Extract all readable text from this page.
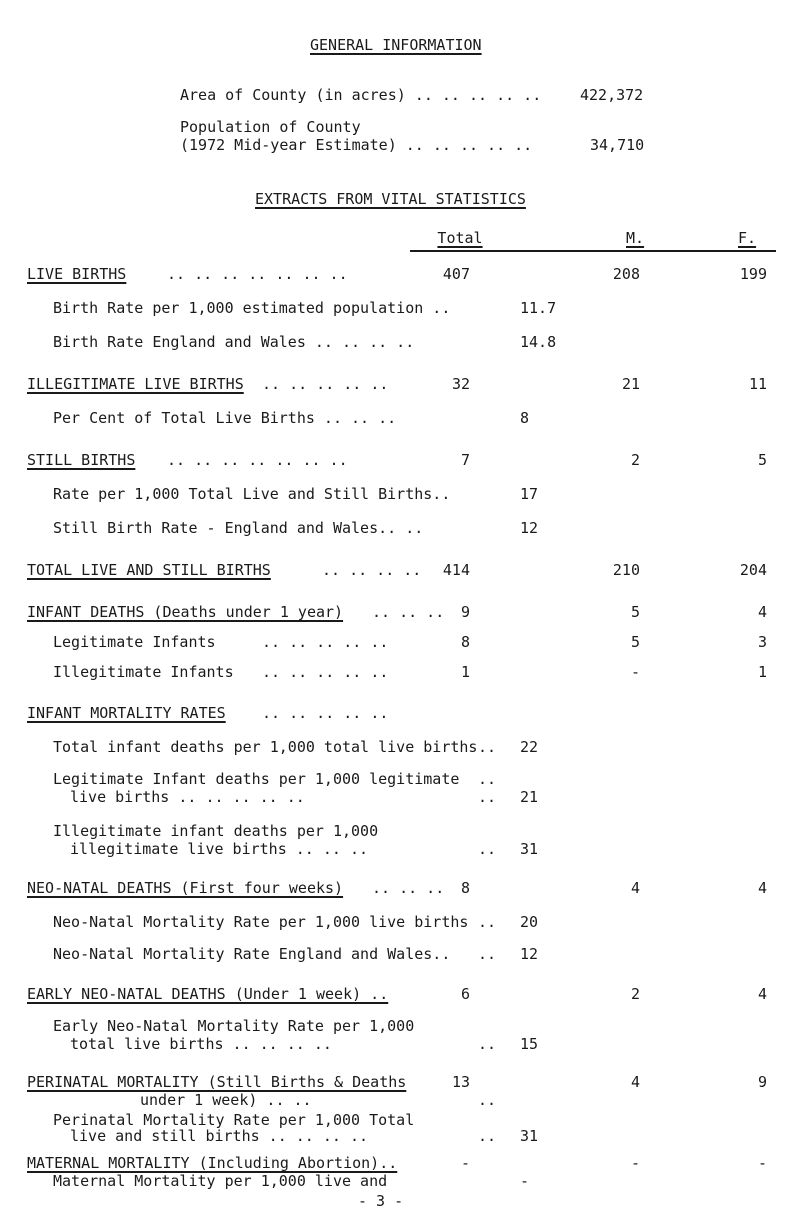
GENERAL INFORMATION
Area of County (in acres) .. .. .. .. ..	422,372
Population of County
(1972 Mid-year Estimate) .. .. .. .. ..	34,710
EXTRACTS FROM VITAL STATISTICS
Total	M.	F.
LIVE BIRTHS	.. .. .. .. .. .. ..	407	208	199
Birth Rate per 1,000 estimated population ..	11.7
Birth Rate England and Wales .. .. .. ..	14.8
ILLEGITIMATE LIVE BIRTHS .. .. .. .. ..	32	21	11
Per Cent of Total Live Births .. .. ..	8
STILL BIRTHS .. .. .. .. .. .. ..	7	2	5
Rate per 1,000 Total Live and Still Births..	17
Still Birth Rate - England and Wales.. ..	12
TOTAL LIVE AND STILL BIRTHS	.. .. .. ..	414	210	204
INFANT DEATHS (Deaths under 1 year) .. .. ..	9	5	4
Legitimate Infants	.. .. .. .. ..	8	5	3
Illegitimate Infants .. .. .. .. ..	1	-	1
INFANT MORTALITY RATES .. .. .. .. ..
Total infant deaths per 1,000 total live births .. 22
Legitimate Infant deaths per 1,000 legitimate ..
live births .. .. .. .. ..	.. 21
Illegitimate infant deaths per 1,000
illegitimate live births .. .. ..	.. 31
NEO-NATAL DEATHS (First four weeks) .. .. ..	8	4	4
Neo-Natal Mortality Rate per 1,000 live births .. 20
Neo-Natal Mortality Rate England and Wales.. .. 12
EARLY NEO-NATAL DEATHS (Under 1 week) ..	6	2	4
Early Neo-Natal Mortality Rate per 1,000
total live births .. .. .. ..	.. 15
PERINATAL MORTALITY (Still Births & Deaths
under 1 week) .. ..	..
13	4	9
Perinatal Mortality Rate per 1,000 Total
live and still births .. .. .. ..	.. 31
MATERNAL MORTALITY (Including Abortion)..	-	-	-
Maternal Mortality per 1,000 live and	-
- 3 -
